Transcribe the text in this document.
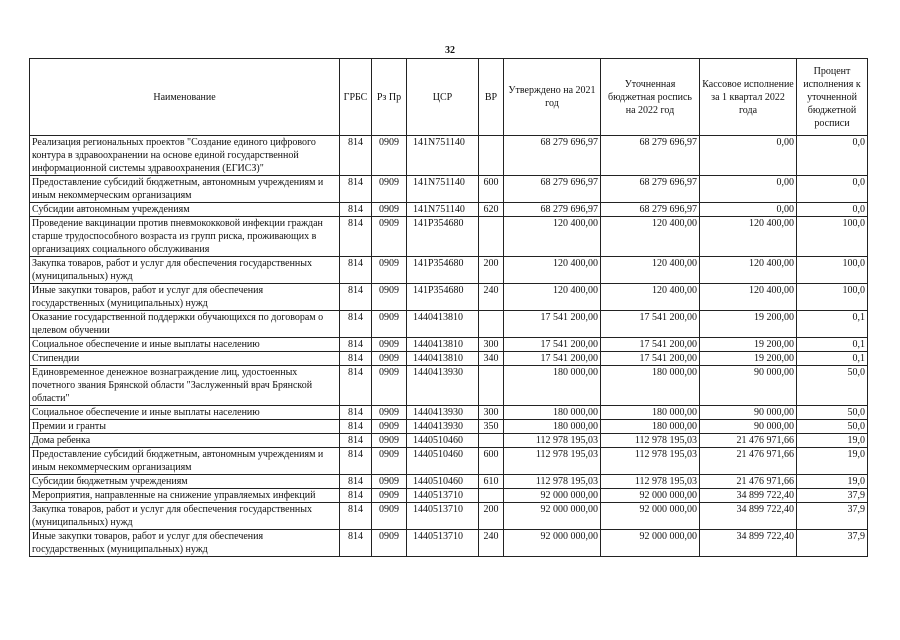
32
Наименование	ГРБС	Рз Пр	ЦСР	ВР	Утверждено на 2021 год	Уточненная бюджетная роспись на 2022 год	Кассовое исполнение за 1 квартал 2022 года	Процент исполнения к уточненной бюджетной росписи
Реализация региональных проектов "Создание единого цифрового контура в здравоохранении на основе единой государственной информационной системы здравоохранения (ЕГИСЗ)"	814	0909	141N751140		68 279 696,97	68 279 696,97	0,00	0,0
Предоставление субсидий бюджетным, автономным учреждениям и иным некоммерческим организациям	814	0909	141N751140	600	68 279 696,97	68 279 696,97	0,00	0,0
Субсидии автономным учреждениям	814	0909	141N751140	620	68 279 696,97	68 279 696,97	0,00	0,0
Проведение вакцинации против пневмококковой инфекции граждан старше трудоспособного возраста из групп риска, проживающих в организациях социального обслуживания	814	0909	141P354680		120 400,00	120 400,00	120 400,00	100,0
Закупка товаров, работ и услуг для обеспечения государственных (муниципальных) нужд	814	0909	141P354680	200	120 400,00	120 400,00	120 400,00	100,0
Иные закупки товаров, работ и услуг для обеспечения государственных (муниципальных) нужд	814	0909	141P354680	240	120 400,00	120 400,00	120 400,00	100,0
Оказание государственной поддержки обучающихся по договорам о целевом обучении	814	0909	1440413810		17 541 200,00	17 541 200,00	19 200,00	0,1
Социальное обеспечение и иные выплаты населению	814	0909	1440413810	300	17 541 200,00	17 541 200,00	19 200,00	0,1
Стипендии	814	0909	1440413810	340	17 541 200,00	17 541 200,00	19 200,00	0,1
Единовременное денежное вознаграждение лиц, удостоенных почетного звания Брянской области "Заслуженный врач Брянской области"	814	0909	1440413930		180 000,00	180 000,00	90 000,00	50,0
Социальное обеспечение и иные выплаты населению	814	0909	1440413930	300	180 000,00	180 000,00	90 000,00	50,0
Премии и гранты	814	0909	1440413930	350	180 000,00	180 000,00	90 000,00	50,0
Дома ребенка	814	0909	1440510460		112 978 195,03	112 978 195,03	21 476 971,66	19,0
Предоставление субсидий бюджетным, автономным учреждениям и иным некоммерческим организациям	814	0909	1440510460	600	112 978 195,03	112 978 195,03	21 476 971,66	19,0
Субсидии бюджетным учреждениям	814	0909	1440510460	610	112 978 195,03	112 978 195,03	21 476 971,66	19,0
Мероприятия, направленные на снижение управляемых инфекций	814	0909	1440513710		92 000 000,00	92 000 000,00	34 899 722,40	37,9
Закупка товаров, работ и услуг для обеспечения государственных (муниципальных) нужд	814	0909	1440513710	200	92 000 000,00	92 000 000,00	34 899 722,40	37,9
Иные закупки товаров, работ и услуг для обеспечения государственных (муниципальных) нужд	814	0909	1440513710	240	92 000 000,00	92 000 000,00	34 899 722,40	37,9
